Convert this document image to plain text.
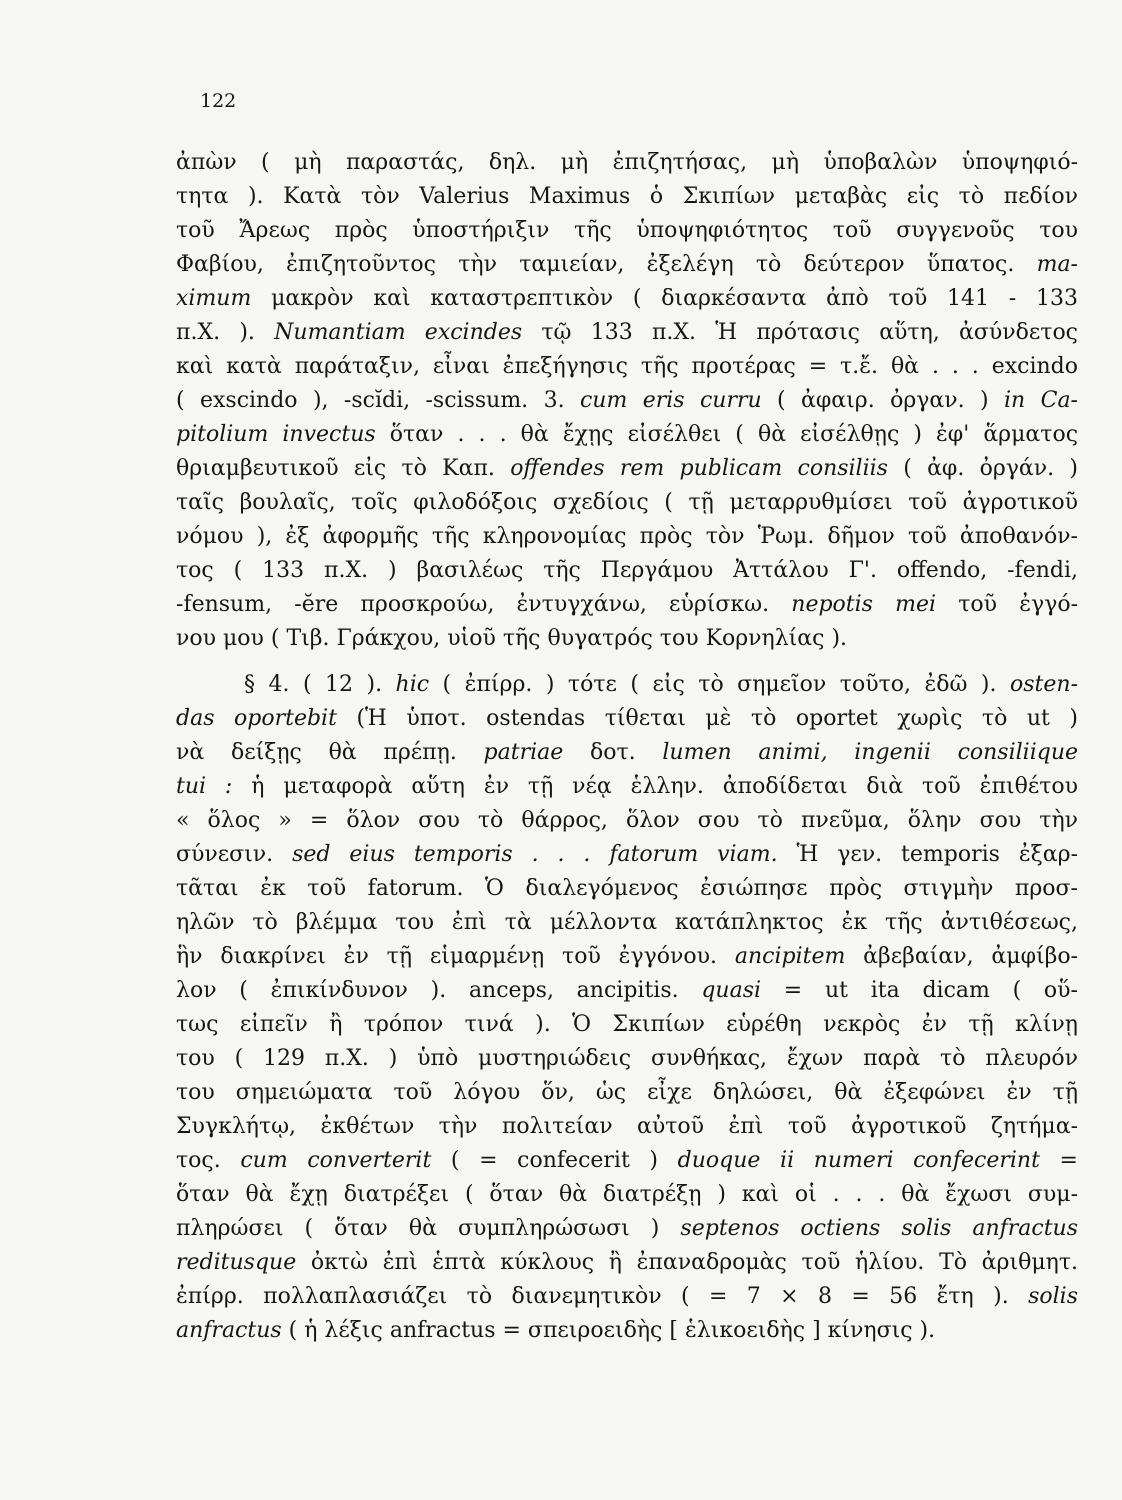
122
ἀπὼν ( μὴ παραστάς, δηλ. μὴ ἐπιζητήσας, μὴ ὑποβαλὼν ὑποψηφιό-
τητα ). Κατὰ τὸν Valerius Maximus ὁ Σκιπίων μεταβὰς εἰς τὸ πεδίον
τοῦ Ἄρεως πρὸς ὑποστήριξιν τῆς ὑποψηφιότητος τοῦ συγγενοῦς του
Φαβίου, ἐπιζητοῦντος τὴν ταμιείαν, ἐξελέγη τὸ δεύτερον ὕπατος. ma-
ximum μακρὸν καὶ καταστρεπτικὸν ( διαρκέσαντα ἀπὸ τοῦ 141 - 133
π.Χ. ). Numantiam excindes τῷ 133 π.Χ. Ἡ πρότασις αὕτη, ἀσύνδετος
καὶ κατὰ παράταξιν, εἶναι ἐπεξήγησις τῆς προτέρας = τ.ἔ. θὰ . . . excindo
( exscindo ), -scĭdi, -scissum. 3. cum eris curru ( ἀφαιρ. ὀργαν. ) in Ca-
pitolium invectus ὅταν . . . θὰ ἔχῃς εἰσέλθει ( θὰ εἰσέλθῃς ) ἐφ' ἅρματος
θριαμβευτικοῦ εἰς τὸ Καπ. offendes rem publicam consiliis ( ἀφ. ὀργάν. )
ταῖς βουλαῖς, τοῖς φιλοδόξοις σχεδίοις ( τῇ μεταρρυθμίσει τοῦ ἀγροτικοῦ
νόμου ), ἐξ ἀφορμῆς τῆς κληρονομίας πρὸς τὸν Ῥωμ. δῆμον τοῦ ἀποθανόν-
τος ( 133 π.Χ. ) βασιλέως τῆς Περγάμου Ἀττάλου Γ'. offendo, -fendi,
-fensum, -ĕre προσκρούω, ἐντυγχάνω, εὑρίσκω. nepotis mei τοῦ ἐγγό-
νου μου ( Τιβ. Γράκχου, υἱοῦ τῆς θυγατρός του Κορνηλίας ).
§ 4. ( 12 ). hic ( ἐπίρρ. ) τότε ( εἰς τὸ σημεῖον τοῦτο, ἐδῶ ). osten-
das oportebit (Ἡ ὑποτ. ostendas τίθεται μὲ τὸ oportet χωρὶς τὸ ut )
νὰ δείξῃς θὰ πρέπῃ. patriae δοτ. lumen animi, ingenii consiliique
tui : ἡ μεταφορὰ αὕτη ἐν τῇ νέᾳ ἑλλην. ἀποδίδεται διὰ τοῦ ἐπιθέτου
« ὅλος » = ὅλον σου τὸ θάρρος, ὅλον σου τὸ πνεῦμα, ὅλην σου τὴν
σύνεσιν. sed eius temporis . . . fatorum viam. Ἡ γεν. temporis ἐξαρ-
τᾶται ἐκ τοῦ fatorum. Ὁ διαλεγόμενος ἐσιώπησε πρὸς στιγμὴν προσ-
ηλῶν τὸ βλέμμα του ἐπὶ τὰ μέλλοντα κατάπληκτος ἐκ τῆς ἀντιθέσεως,
ἣν διακρίνει ἐν τῇ εἱμαρμένῃ τοῦ ἐγγόνου. ancipitem ἀβεβαίαν, ἀμφίβο-
λον ( ἐπικίνδυνον ). anceps, ancipitis. quasi = ut ita dicam ( οὕ-
τως εἰπεῖν ἢ τρόπον τινά ). Ὁ Σκιπίων εὑρέθη νεκρὸς ἐν τῇ κλίνῃ
του ( 129 π.Χ. ) ὑπὸ μυστηριώδεις συνθήκας, ἔχων παρὰ τὸ πλευρόν
του σημειώματα τοῦ λόγου ὅν, ὡς εἶχε δηλώσει, θὰ ἐξεφώνει ἐν τῇ
Συγκλήτῳ, ἐκθέτων τὴν πολιτείαν αὐτοῦ ἐπὶ τοῦ ἀγροτικοῦ ζητήμα-
τος. cum converterit ( = confecerit ) duoque ii numeri confecerint =
ὅταν θὰ ἔχῃ διατρέξει ( ὅταν θὰ διατρέξῃ ) καὶ οἱ . . . θὰ ἔχωσι συμ-
πληρώσει ( ὅταν θὰ συμπληρώσωσι ) septenos octiens solis anfractus
reditusque ὀκτὼ ἐπὶ ἑπτὰ κύκλους ἢ ἐπαναδρομὰς τοῦ ἡλίου. Τὸ ἀριθμητ.
ἐπίρρ. πολλαπλασιάζει τὸ διανεμητικὸν ( = 7 × 8 = 56 ἔτη ). solis
anfractus ( ἡ λέξις anfractus = σπειροειδὴς [ ἑλικοειδὴς ] κίνησις ).
